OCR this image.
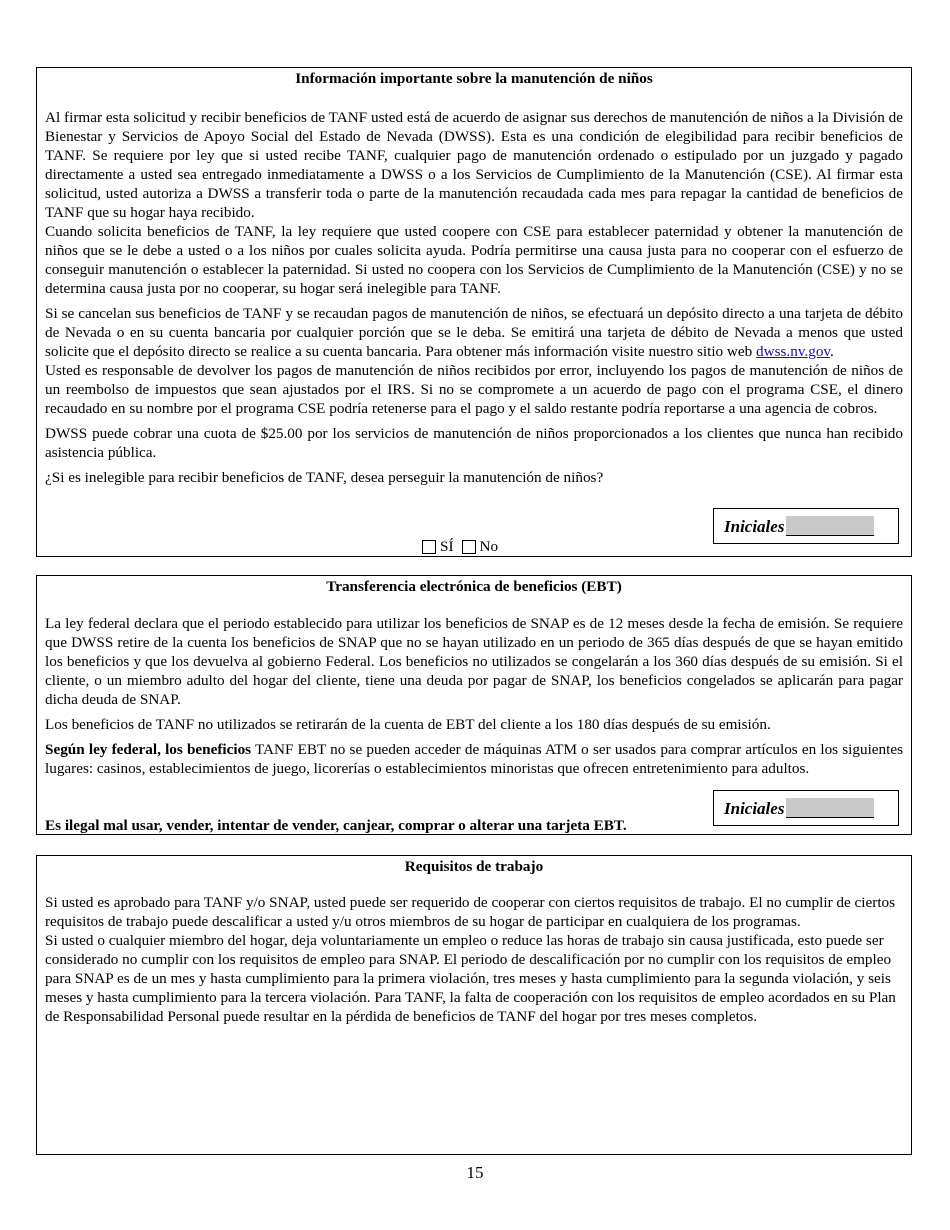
Información importante sobre la manutención de niños

Al firmar esta solicitud y recibir beneficios de TANF usted está de acuerdo de asignar sus derechos de manutención de niños a la División de Bienestar y Servicios de Apoyo Social del Estado de Nevada (DWSS). Esta es una condición de elegibilidad para recibir beneficios de TANF. Se requiere por ley que si usted recibe TANF, cualquier pago de manutención ordenado o estipulado por un juzgado y pagado directamente a usted sea entregado inmediatamente a DWSS o a los Servicios de Cumplimiento de la Manutención (CSE). Al firmar esta solicitud, usted autoriza a DWSS a transferir toda o parte de la manutención recaudada cada mes para repagar la cantidad de beneficios de TANF que su hogar haya recibido.

Cuando solicita beneficios de TANF, la ley requiere que usted coopere con CSE para establecer paternidad y obtener la manutención de niños que se le debe a usted o a los niños por cuales solicita ayuda. Podría permitirse una causa justa para no cooperar con el esfuerzo de conseguir manutención o establecer la paternidad. Si usted no coopera con los Servicios de Cumplimiento de la Manutención (CSE) y no se determina causa justa por no cooperar, su hogar será inelegible para TANF.

Si se cancelan sus beneficios de TANF y se recaudan pagos de manutención de niños, se efectuará un depósito directo a una tarjeta de débito de Nevada o en su cuenta bancaria por cualquier porción que se le deba. Se emitirá una tarjeta de débito de Nevada a menos que usted solicite que el depósito directo se realice a su cuenta bancaria. Para obtener más información visite nuestro sitio web dwss.nv.gov.

Usted es responsable de devolver los pagos de manutención de niños recibidos por error, incluyendo los pagos de manutención de niños de un reembolso de impuestos que sean ajustados por el IRS. Si no se compromete a un acuerdo de pago con el programa CSE, el dinero recaudado en su nombre por el programa CSE podría retenerse para el pago y el saldo restante podría reportarse a una agencia de cobros.

DWSS puede cobrar una cuota de $25.00 por los servicios de manutención de niños proporcionados a los clientes que nunca han recibido asistencia pública.

¿Si es inelegible para recibir beneficios de TANF, desea perseguir la manutención de niños?

SÍ No
Iniciales

Transferencia electrónica de beneficios (EBT)

La ley federal declara que el periodo establecido para utilizar los beneficios de SNAP es de 12 meses desde la fecha de emisión. Se requiere que DWSS retire de la cuenta los beneficios de SNAP que no se hayan utilizado en un periodo de 365 días después de que se hayan emitido los beneficios y que los devuelva al gobierno Federal. Los beneficios no utilizados se congelarán a los 360 días después de su emisión. Si el cliente, o un miembro adulto del hogar del cliente, tiene una deuda por pagar de SNAP, los beneficios congelados se aplicarán para pagar dicha deuda de SNAP.

Los beneficios de TANF no utilizados se retirarán de la cuenta de EBT del cliente a los 180 días después de su emisión.

Según ley federal, los beneficios TANF EBT no se pueden acceder de máquinas ATM o ser usados para comprar artículos en los siguientes lugares: casinos, establecimientos de juego, licorerías o establecimientos minoristas que ofrecen entretenimiento para adultos.

Es ilegal mal usar, vender, intentar de vender, canjear, comprar o alterar una tarjeta EBT.

Iniciales

Requisitos de trabajo

Si usted es aprobado para TANF y/o SNAP, usted puede ser requerido de cooperar con ciertos requisitos de trabajo. El no cumplir de ciertos requisitos de trabajo puede descalificar a usted y/u otros miembros de su hogar de participar en cualquiera de los programas.

Si usted o cualquier miembro del hogar, deja voluntariamente un empleo o reduce las horas de trabajo sin causa justificada, esto puede ser considerado no cumplir con los requisitos de empleo para SNAP. El periodo de descalificación por no cumplir con los requisitos de empleo para SNAP es de un mes y hasta cumplimiento para la primera violación, tres meses y hasta cumplimiento para la segunda violación, y seis meses y hasta cumplimiento para la tercera violación. Para TANF, la falta de cooperación con los requisitos de empleo acordados en su Plan de Responsabilidad Personal puede resultar en la pérdida de beneficios de TANF del hogar por tres meses completos.

15
